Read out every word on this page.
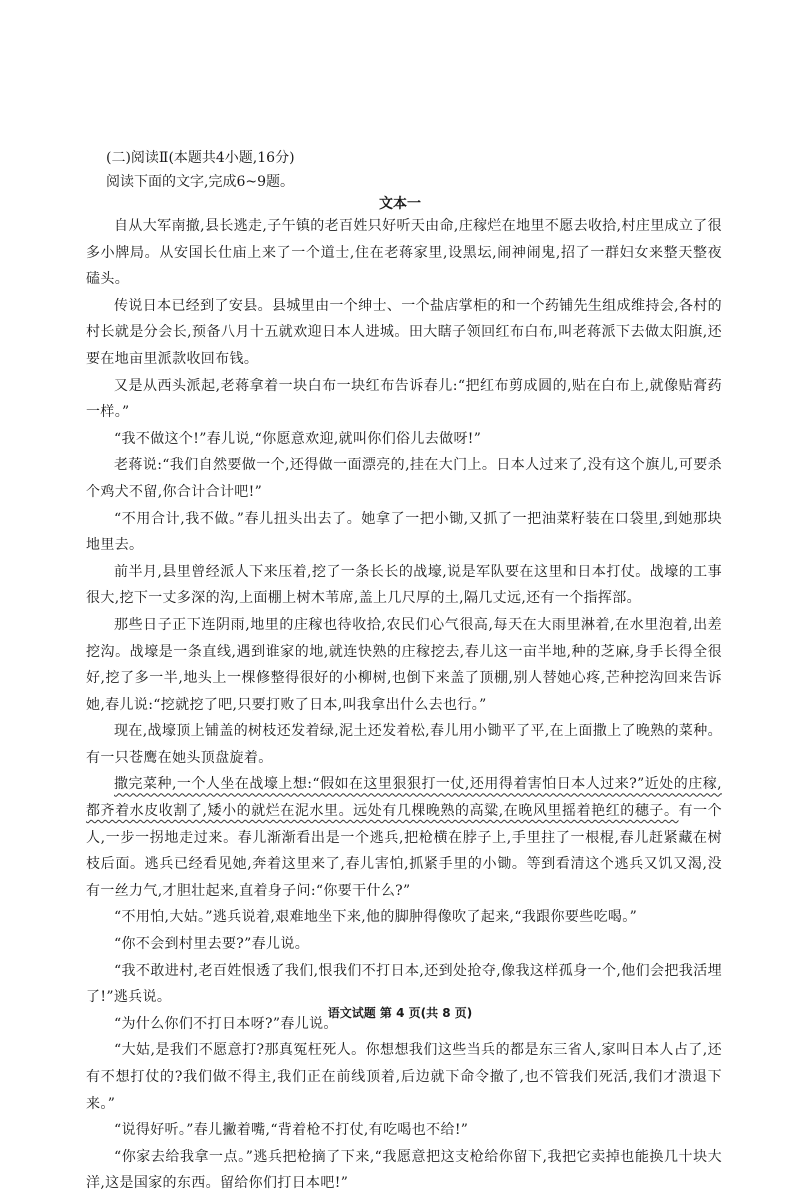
(二)阅读Ⅱ(本题共4小题,16分)
阅读下面的文字,完成6~9题。
文本一

自从大军南撤,县长逃走,子午镇的老百姓只好听天由命,庄稼烂在地里不愿去收拾,村庄里成立了很多小牌局。从安国长仕庙上来了一个道士,住在老蒋家里,设黑坛,闹神闹鬼,招了一群妇女来整天整夜磕头。

传说日本已经到了安县。县城里由一个绅士、一个盐店掌柜的和一个药铺先生组成维持会,各村的村长就是分会长,预备八月十五就欢迎日本人进城。田大瞎子领回红布白布,叫老蒋派下去做太阳旗,还要在地亩里派款收回布钱。

又是从西头派起,老蒋拿着一块白布一块红布告诉春儿:“把红布剪成圆的,贴在白布上,就像贴膏药一样。”

“我不做这个!”春儿说,“你愿意欢迎,就叫你们俗儿去做呀!”

老蒋说:“我们自然要做一个,还得做一面漂亮的,挂在大门上。日本人过来了,没有这个旗儿,可要杀个鸡犬不留,你合计合计吧!”

“不用合计,我不做。”春儿扭头出去了。她拿了一把小锄,又抓了一把油菜籽装在口袋里,到她那块地里去。

前半月,县里曾经派人下来压着,挖了一条长长的战壕,说是军队要在这里和日本打仗。战壕的工事很大,挖下一丈多深的沟,上面棚上树木苇席,盖上几尺厚的土,隔几丈远,还有一个指挥部。

那些日子正下连阴雨,地里的庄稼也待收拾,农民们心气很高,每天在大雨里淋着,在水里泡着,出差挖沟。战壕是一条直线,遇到谁家的地,就连快熟的庄稼挖去,春儿这一亩半地,种的芝麻,身手长得全很好,挖了多一半,地头上一棵修整得很好的小柳树,也倒下来盖了顶棚,别人替她心疼,芒种挖沟回来告诉她,春儿说:“挖就挖了吧,只要打败了日本,叫我拿出什么去也行。”

现在,战壕顶上铺盖的树枝还发着绿,泥土还发着松,春儿用小锄平了平,在上面撒上了晚熟的菜种。有一只苍鹰在她头顶盘旋着。

撒完菜种,一个人坐在战壕上想:“假如在这里狠狠打一仗,还用得着害怕日本人过来?”近处的庄稼,都齐着水皮收割了,矮小的就烂在泥水里。远处有几棵晚熟的高粱,在晚风里摇着艳红的穗子。有一个人,一步一拐地走过来。春儿渐渐看出是一个逃兵,把枪横在脖子上,手里拄了一根棍,春儿赶紧藏在树枝后面。逃兵已经看见她,奔着这里来了,春儿害怕,抓紧手里的小锄。等到看清这个逃兵又饥又渴,没有一丝力气,才胆壮起来,直着身子问:“你要干什么?”

“不用怕,大姑。”逃兵说着,艰难地坐下来,他的脚肿得像吹了起来,“我跟你要些吃喝。”

“你不会到村里去要?”春儿说。

“我不敢进村,老百姓恨透了我们,恨我们不打日本,还到处抢夺,像我这样孤身一个,他们会把我活埋了!”逃兵说。

“为什么你们不打日本呀?”春儿说。

“大姑,是我们不愿意打?那真冤枉死人。你想想我们这些当兵的都是东三省人,家叫日本人占了,还有不想打仗的?我们做不得主,我们正在前线顶着,后边就下命令撤了,也不管我们死活,我们才溃退下来。”

“说得好听。”春儿撇着嘴,“背着枪不打仗,有吃喝也不给!”

“你家去给我拿一点。”逃兵把枪摘了下来,“我愿意把这支枪给你留下,我把它卖掉也能换几十块大洋,这是国家的东西。留给你们打日本吧!”

语文试题 第 4 页(共 8 页)
